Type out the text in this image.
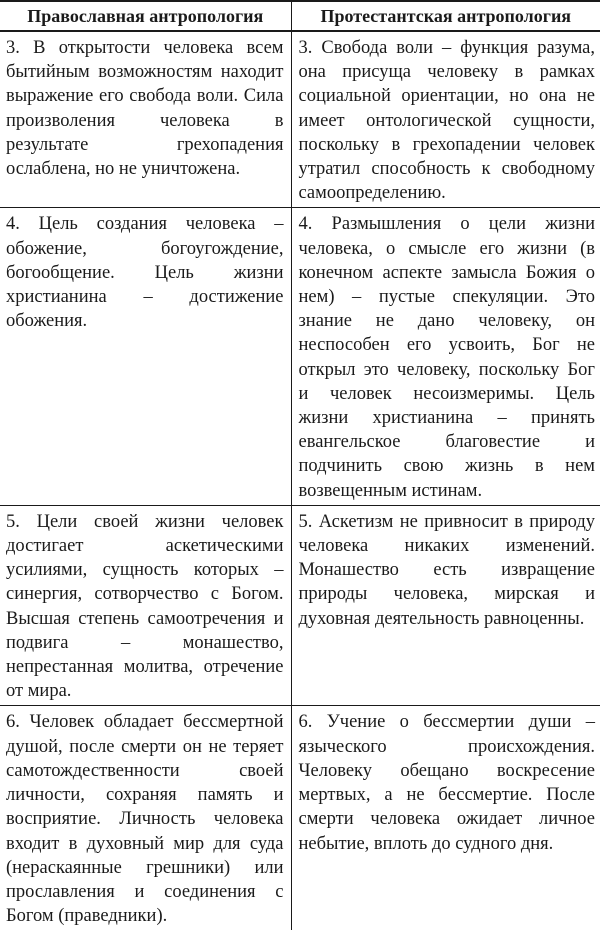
Православная антропология	Протестантская антропология
3. В открытости человека всем бытийным возможностям находит выражение его свобода воли. Сила произволения человека в результате грехопадения ослаблена, но не уничтожена.	3. Свобода воли – функция разума, она присуща человеку в рамках социальной ориентации, но она не имеет онтологической сущности, поскольку в грехопадении человек утратил способность к свободному самоопределению.
4. Цель создания человека – обожение, богоугождение, богообщение. Цель жизни христианина – достижение обожения.	4. Размышления о цели жизни человека, о смысле его жизни (в конечном аспекте замысла Божия о нем) – пустые спекуляции. Это знание не дано человеку, он неспособен его усвоить, Бог не открыл это человеку, поскольку Бог и человек несоизмеримы. Цель жизни христианина – принять евангельское благовестие и подчинить свою жизнь в нем возвещенным истинам.
5. Цели своей жизни человек достигает аскетическими усилиями, сущность которых – синергия, сотворчество с Богом. Высшая степень самоотречения и подвига – монашество, непрестанная молитва, отречение от мира.	5. Аскетизм не привносит в природу человека никаких изменений. Монашество есть извращение природы человека, мирская и духовная деятельность равноценны.
6. Человек обладает бессмертной душой, после смерти он не теряет самотождественности своей личности, сохраняя память и восприятие. Личность человека входит в духовный мир для суда (нераскаянные грешники) или прославления и соединения с Богом (праведники).	6. Учение о бессмертии души – языческого происхождения. Человеку обещано воскресение мертвых, а не бессмертие. После смерти человека ожидает личное небытие, вплоть до судного дня.
